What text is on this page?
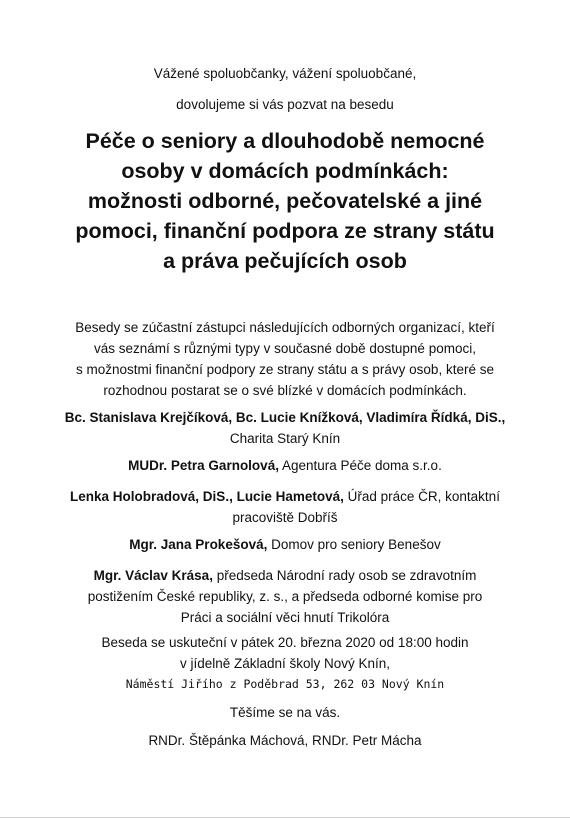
Vážené spoluobčanky, vážení spoluobčané,
dovolujeme si vás pozvat na besedu
Péče o seniory a dlouhodobě nemocné
osoby v domácích podmínkách:
možnosti odborné, pečovatelské a jiné
pomoci, finanční podpora ze strany státu
a práva pečujících osob
Besedy se zúčastní zástupci následujících odborných organizací, kteří
vás seznámí s různými typy v současné době dostupné pomoci,
s možnostmi finanční podpory ze strany státu a s právy osob, které se
rozhodnou postarat se o své blízké v domácích podmínkách.
Bc. Stanislava Krejčíková, Bc. Lucie Knížková, Vladimíra Řídká, DiS.,
Charita Starý Knín
MUDr. Petra Garnolová, Agentura Péče doma s.r.o.
Lenka Holobradová, DiS., Lucie Hametová, Úřad práce ČR, kontaktní
pracoviště Dobříš
Mgr. Jana Prokešová, Domov pro seniory Benešov
Mgr. Václav Krása, předseda Národní rady osob se zdravotním
postižením České republiky, z. s., a předseda odborné komise pro
Práci a sociální věci hnutí Trikolóra
Beseda se uskuteční v pátek 20. března 2020 od 18:00 hodin
v jídelně Základní školy Nový Knín,
Náměstí Jiřího z Poděbrad 53, 262 03 Nový Knín
Těšíme se na vás.
RNDr. Štěpánka Máchová, RNDr. Petr Mácha
